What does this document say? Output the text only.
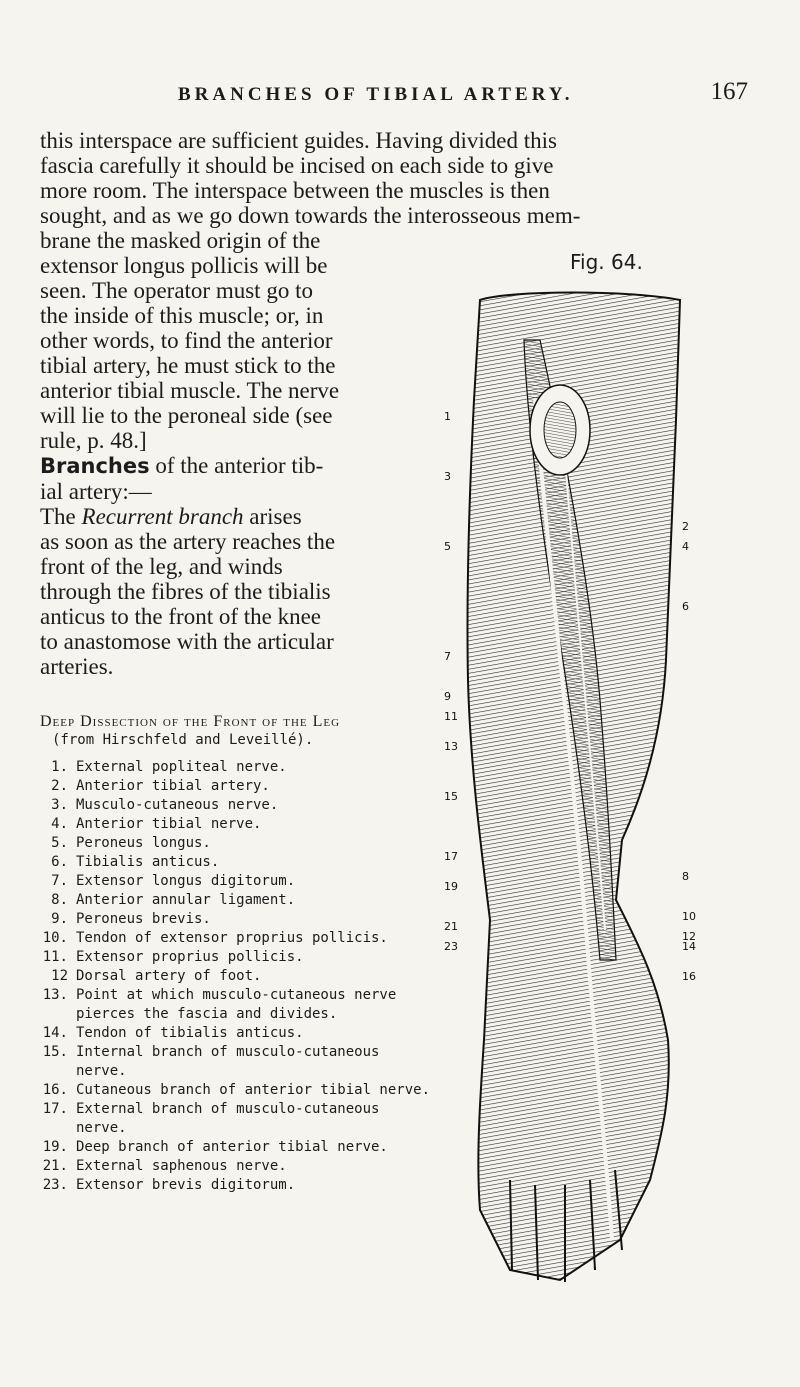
BRANCHES OF TIBIAL ARTERY.	167
this interspace are sufficient guides. Having divided this
fascia carefully it should be incised on each side to give
more room. The interspace between the muscles is then
sought, and as we go down towards the interosseous mem-
brane the masked origin of the
extensor longus pollicis will be
seen. The operator must go to
the inside of this muscle; or, in
other words, to find the anterior
tibial artery, he must stick to the
anterior tibial muscle. The nerve
will lie to the peroneal side (see
rule, p. 48.]
Branches of the anterior tib-
ial artery:—
The Recurrent branch arises
as soon as the artery reaches the
front of the leg, and winds
through the fibres of the tibialis
anticus to the front of the knee
to anastomose with the articular
arteries.
Deep Dissection of the Front of the Leg
(from Hirschfeld and Leveillé).
1. External popliteal nerve.
2. Anterior tibial artery.
3. Musculo-cutaneous nerve.
4. Anterior tibial nerve.
5. Peroneus longus.
6. Tibialis anticus.
7. Extensor longus digitorum.
8. Anterior annular ligament.
9. Peroneus brevis.
10. Tendon of extensor proprius pollicis.
11. Extensor proprius pollicis.
12 Dorsal artery of foot.
13. Point at which musculo-cutaneous nerve pierces the fascia and divides.
14. Tendon of tibialis anticus.
15. Internal branch of musculo-cutaneous nerve.
16. Cutaneous branch of anterior tibial nerve.
17. External branch of musculo-cutaneous nerve.
19. Deep branch of anterior tibial nerve.
21. External saphenous nerve.
23. Extensor brevis digitorum.
Fig. 64.
1
3
5
7
9
11
13
15
17
19
21
23
2
4
6
8
10
12
14
16
